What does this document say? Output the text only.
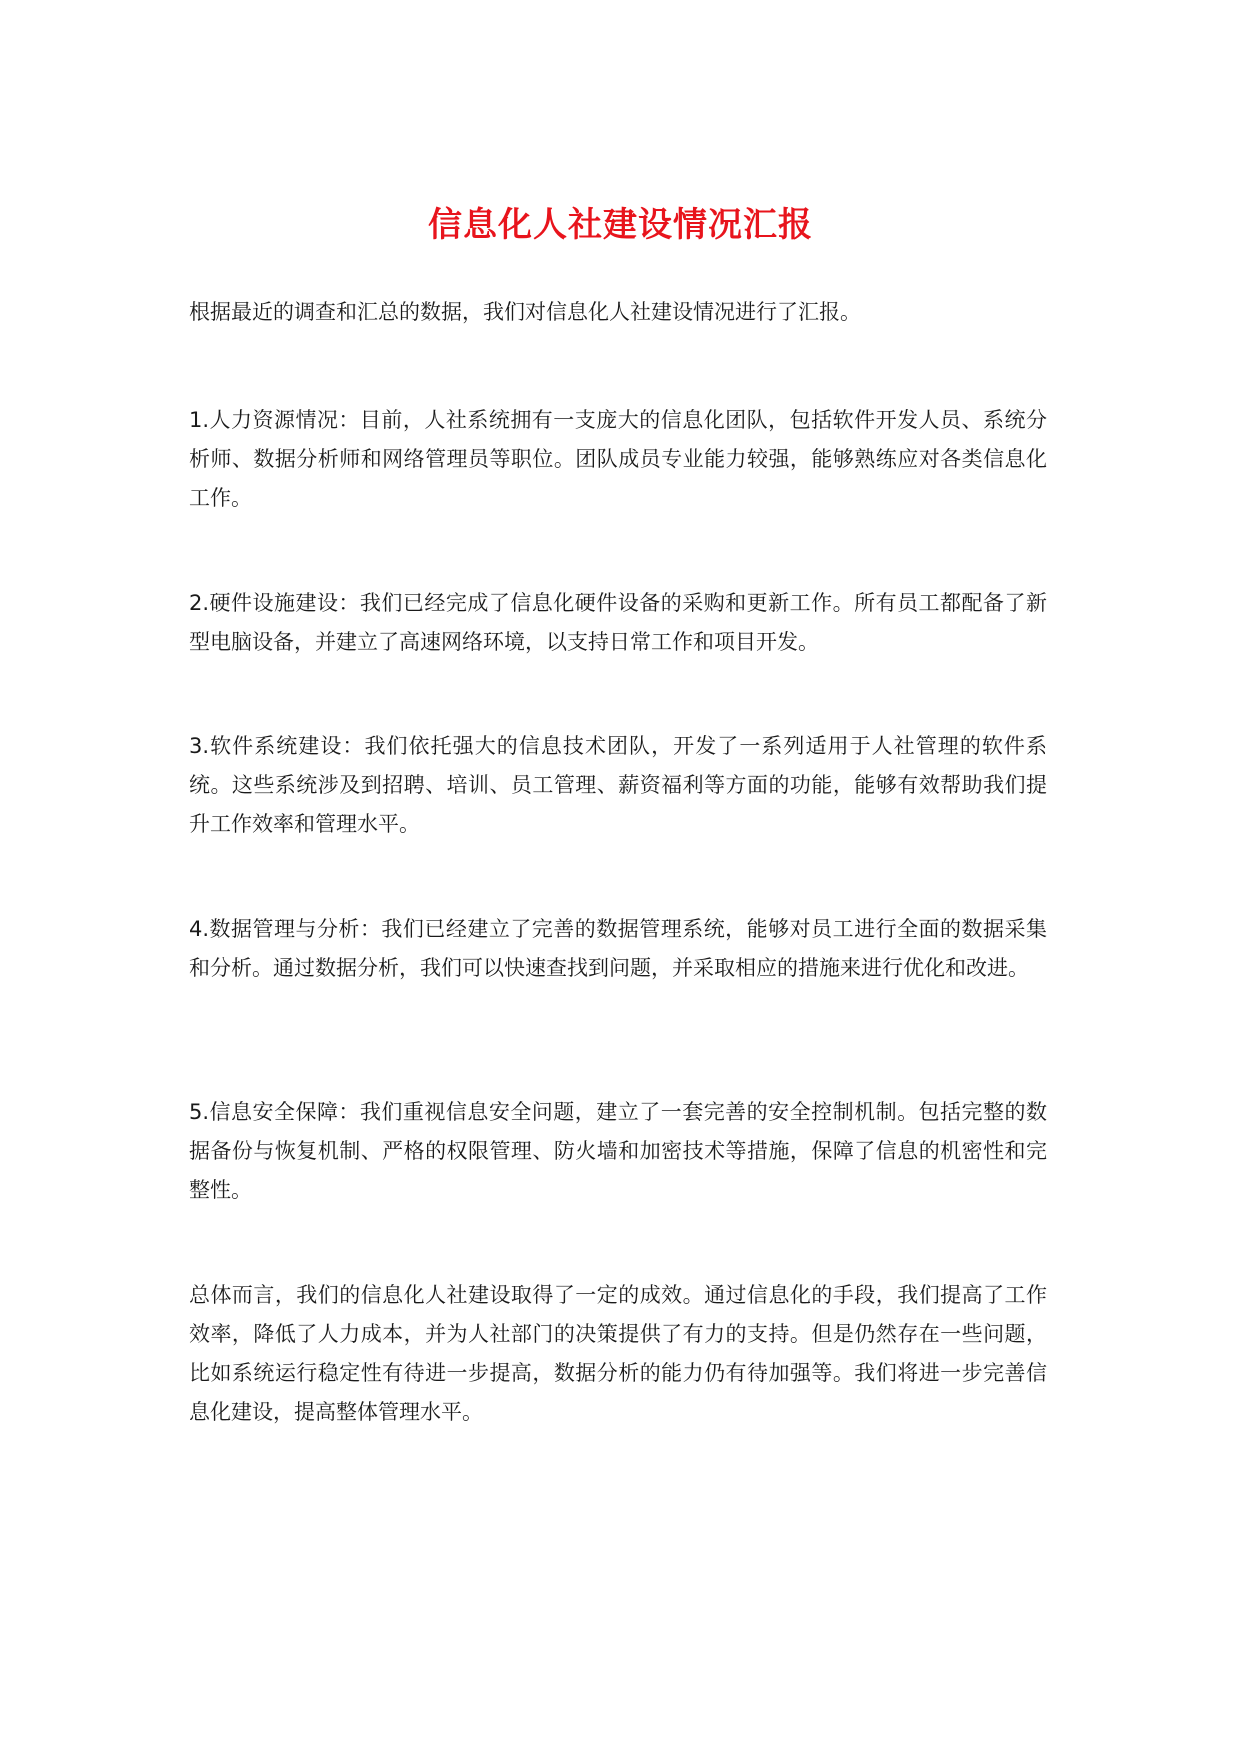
信息化人社建设情况汇报

根据最近的调查和汇总的数据，我们对信息化人社建设情况进行了汇报。

1.人力资源情况：目前，人社系统拥有一支庞大的信息化团队，包括软件开发人员、系统分析师、数据分析师和网络管理员等职位。团队成员专业能力较强，能够熟练应对各类信息化工作。

2.硬件设施建设：我们已经完成了信息化硬件设备的采购和更新工作。所有员工都配备了新型电脑设备，并建立了高速网络环境，以支持日常工作和项目开发。

3.软件系统建设：我们依托强大的信息技术团队，开发了一系列适用于人社管理的软件系统。这些系统涉及到招聘、培训、员工管理、薪资福利等方面的功能，能够有效帮助我们提升工作效率和管理水平。

4.数据管理与分析：我们已经建立了完善的数据管理系统，能够对员工进行全面的数据采集和分析。通过数据分析，我们可以快速查找到问题，并采取相应的措施来进行优化和改进。

5.信息安全保障：我们重视信息安全问题，建立了一套完善的安全控制机制。包括完整的数据备份与恢复机制、严格的权限管理、防火墙和加密技术等措施，保障了信息的机密性和完整性。

总体而言，我们的信息化人社建设取得了一定的成效。通过信息化的手段，我们提高了工作效率，降低了人力成本，并为人社部门的决策提供了有力的支持。但是仍然存在一些问题，比如系统运行稳定性有待进一步提高，数据分析的能力仍有待加强等。我们将进一步完善信息化建设，提高整体管理水平。
